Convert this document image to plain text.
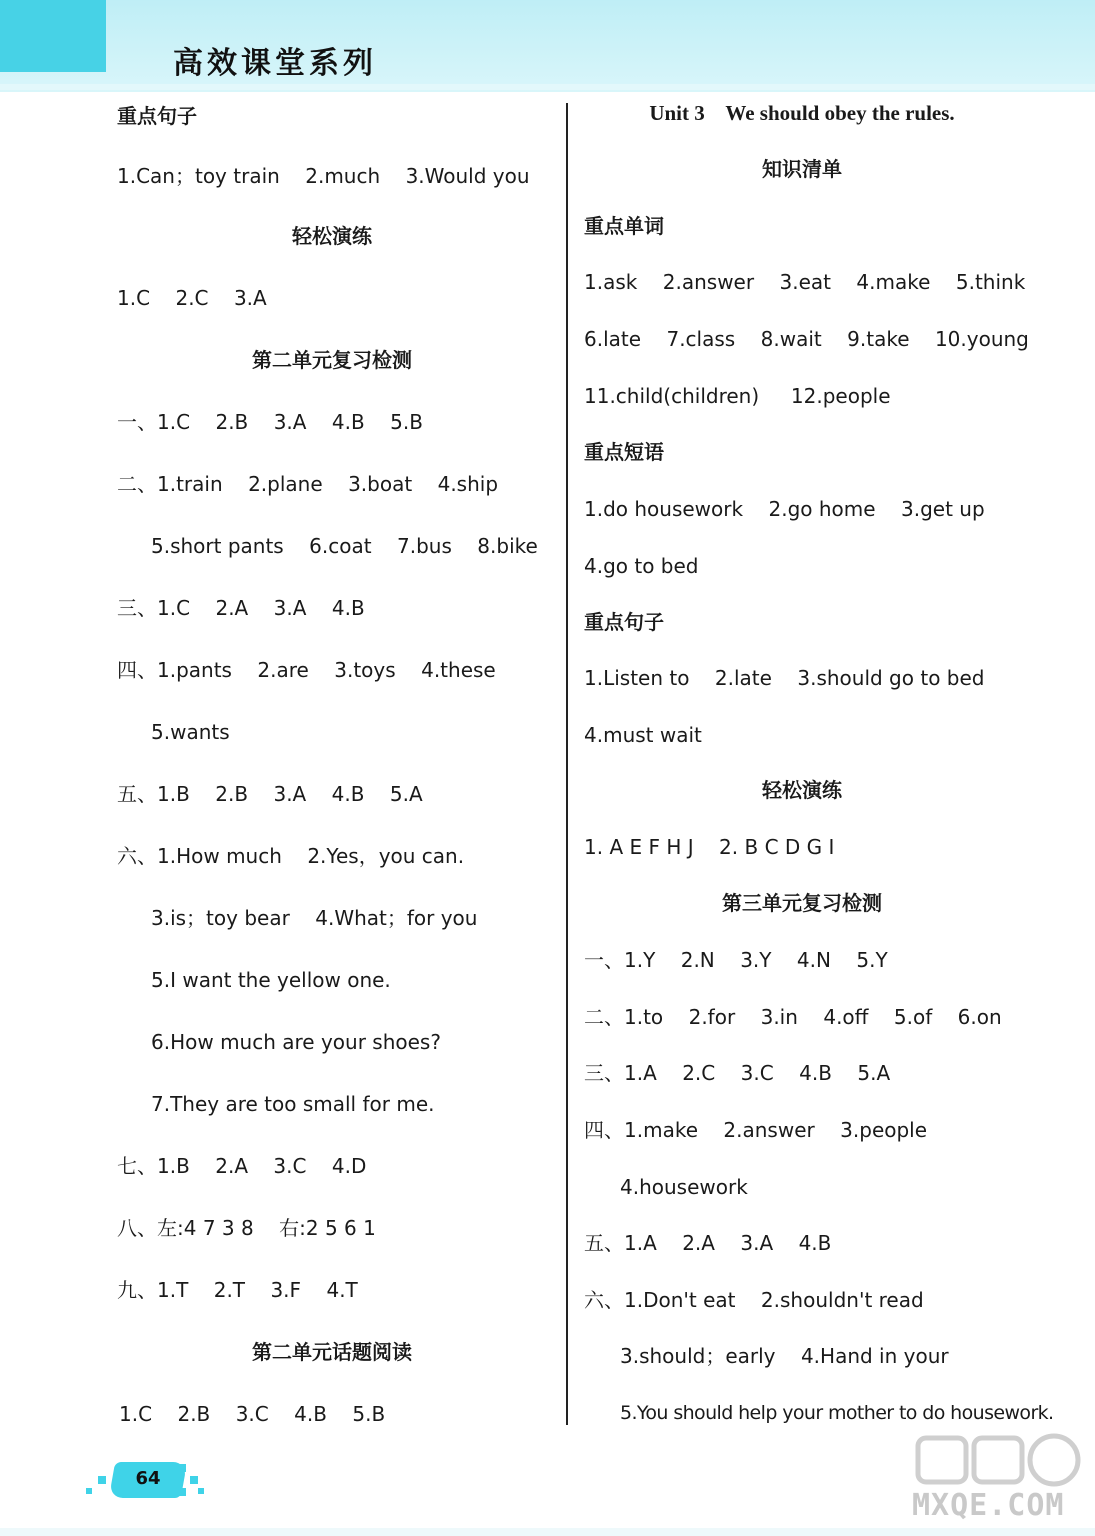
高效课堂系列
重点句子
1.Can；toy train    2.much    3.Would you
轻松演练
1.C    2.C    3.A
第二单元复习检测
一、1.C    2.B    3.A    4.B    5.B
二、1.train    2.plane    3.boat    4.ship
5.short pants    6.coat    7.bus    8.bike
三、1.C    2.A    3.A    4.B
四、1.pants    2.are    3.toys    4.these
5.wants
五、1.B    2.B    3.A    4.B    5.A
六、1.How much    2.Yes，you can.
3.is；toy bear    4.What；for you
5.I want the yellow one.
6.How much are your shoes?
7.They are too small for me.
七、1.B    2.A    3.C    4.D
八、左:4 7 3 8    右:2 5 6 1
九、1.T    2.T    3.F    4.T
第二单元话题阅读
1.C    2.B    3.C    4.B    5.B
Unit 3    We should obey the rules.
知识清单
重点单词
1.ask    2.answer    3.eat    4.make    5.think
6.late    7.class    8.wait    9.take    10.young
11.child(children)     12.people
重点短语
1.do housework    2.go home    3.get up
4.go to bed
重点句子
1.Listen to    2.late    3.should go to bed
4.must wait
轻松演练
1. A E F H J    2. B C D G I
第三单元复习检测
一、1.Y    2.N    3.Y    4.N    5.Y
二、1.to    2.for    3.in    4.off    5.of    6.on
三、1.A    2.C    3.C    4.B    5.A
四、1.make    2.answer    3.people
4.housework
五、1.A    2.A    3.A    4.B
六、1.Don't eat    2.shouldn't read
3.should；early    4.Hand in your
5.You should help your mother to do housework.
64
MXQE.COM
